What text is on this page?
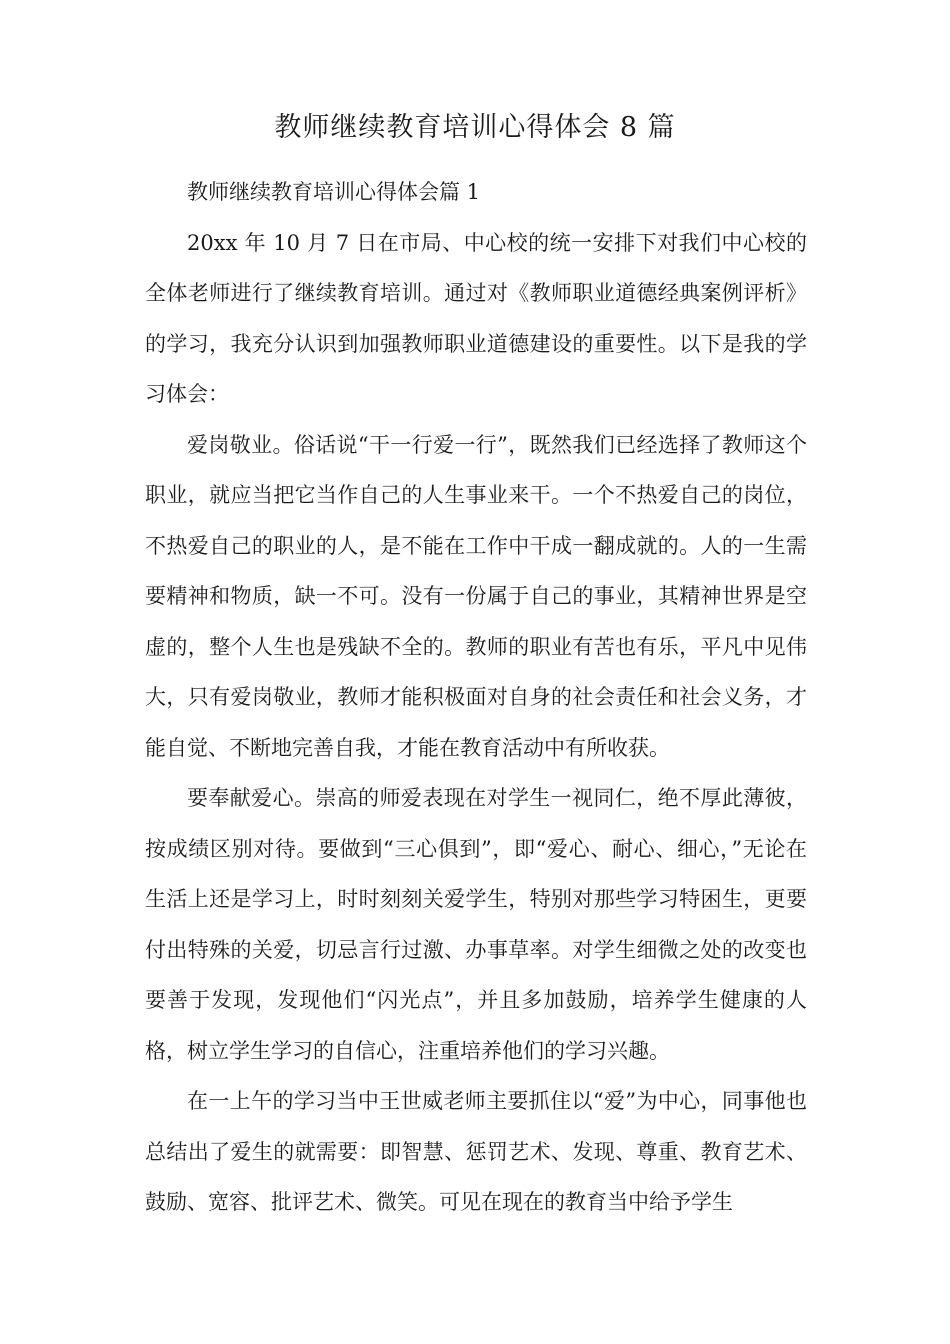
教师继续教育培训心得体会 8 篇

教师继续教育培训心得体会篇 1

20xx 年 10 月 7 日在市局、中心校的统一安排下对我们中心校的全体老师进行了继续教育培训。通过对《教师职业道德经典案例评析》的学习，我充分认识到加强教师职业道德建设的重要性。以下是我的学习体会：

爱岗敬业。俗话说“干一行爱一行”，既然我们已经选择了教师这个职业，就应当把它当作自己的人生事业来干。一个不热爱自己的岗位，不热爱自己的职业的人，是不能在工作中干成一翻成就的。人的一生需要精神和物质，缺一不可。没有一份属于自己的事业，其精神世界是空虚的，整个人生也是残缺不全的。教师的职业有苦也有乐，平凡中见伟大，只有爱岗敬业，教师才能积极面对自身的社会责任和社会义务，才能自觉、不断地完善自我，才能在教育活动中有所收获。

要奉献爱心。崇高的师爱表现在对学生一视同仁，绝不厚此薄彼，按成绩区别对待。要做到“三心俱到”，即“爱心、耐心、细心，”无论在生活上还是学习上，时时刻刻关爱学生，特别对那些学习特困生，更要付出特殊的关爱，切忌言行过激、办事草率。对学生细微之处的改变也要善于发现，发现他们“闪光点”，并且多加鼓励，培养学生健康的人格，树立学生学习的自信心，注重培养他们的学习兴趣。

在一上午的学习当中王世威老师主要抓住以“爱”为中心，同事他也总结出了爱生的就需要：即智慧、惩罚艺术、发现、尊重、教育艺术、鼓励、宽容、批评艺术、微笑。可见在现在的教育当中给予学生
